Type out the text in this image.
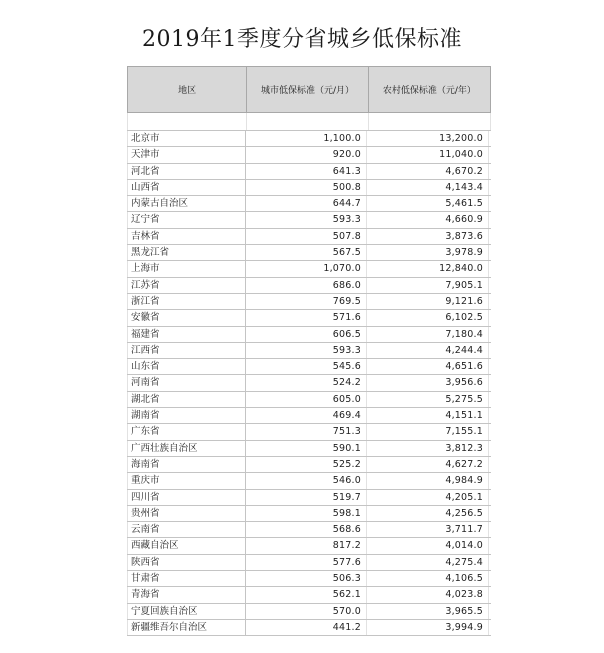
2019年1季度分省城乡低保标准
地区	城市低保标准（元/月）	农村低保标准（元/年）
北京市	1,100.0	13,200.0
天津市	920.0	11,040.0
河北省	641.3	4,670.2
山西省	500.8	4,143.4
内蒙古自治区	644.7	5,461.5
辽宁省	593.3	4,660.9
吉林省	507.8	3,873.6
黑龙江省	567.5	3,978.9
上海市	1,070.0	12,840.0
江苏省	686.0	7,905.1
浙江省	769.5	9,121.6
安徽省	571.6	6,102.5
福建省	606.5	7,180.4
江西省	593.3	4,244.4
山东省	545.6	4,651.6
河南省	524.2	3,956.6
湖北省	605.0	5,275.5
湖南省	469.4	4,151.1
广东省	751.3	7,155.1
广西壮族自治区	590.1	3,812.3
海南省	525.2	4,627.2
重庆市	546.0	4,984.9
四川省	519.7	4,205.1
贵州省	598.1	4,256.5
云南省	568.6	3,711.7
西藏自治区	817.2	4,014.0
陕西省	577.6	4,275.4
甘肃省	506.3	4,106.5
青海省	562.1	4,023.8
宁夏回族自治区	570.0	3,965.5
新疆维吾尔自治区	441.2	3,994.9
